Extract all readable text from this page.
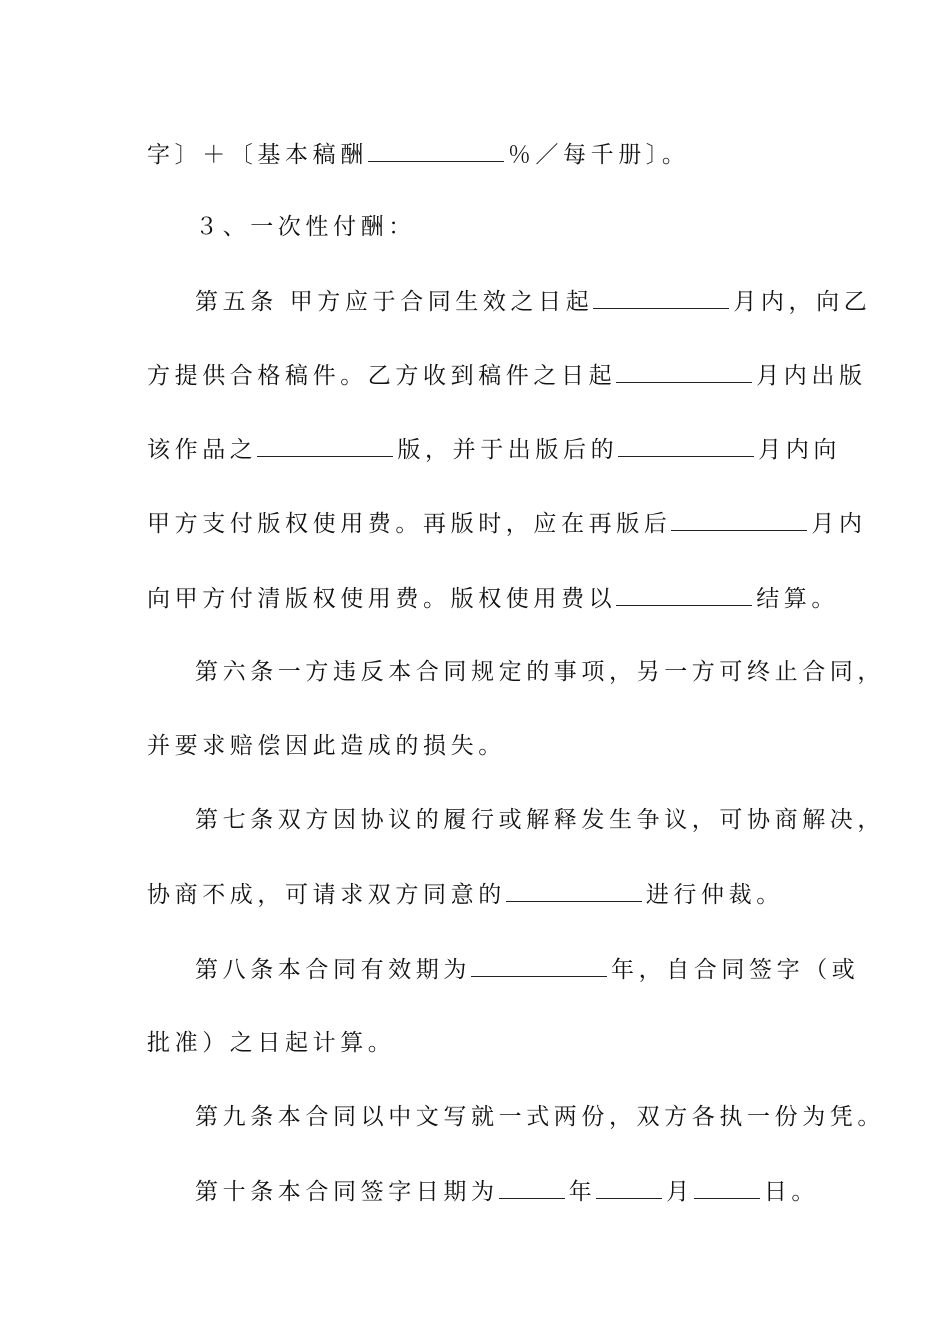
字〕＋〔基本稿酬	％／每千册〕。
３、一次性付酬：
第五条 甲方应于合同生效之日起	月内，向乙
方提供合格稿件。乙方收到稿件之日起	月内出版
该作品之	版，并于出版后的	月内向
甲方支付版权使用费。再版时，应在再版后	月内
向甲方付清版权使用费。版权使用费以	结算。
第六条一方违反本合同规定的事项，另一方可终止合同，
并要求赔偿因此造成的损失。
第七条双方因协议的履行或解释发生争议，可协商解决，
协商不成，可请求双方同意的	进行仲裁。
第八条本合同有效期为	年，自合同签字（或
批准）之日起计算。
第九条本合同以中文写就一式两份，双方各执一份为凭。
第十条本合同签字日期为	年	月	日。
